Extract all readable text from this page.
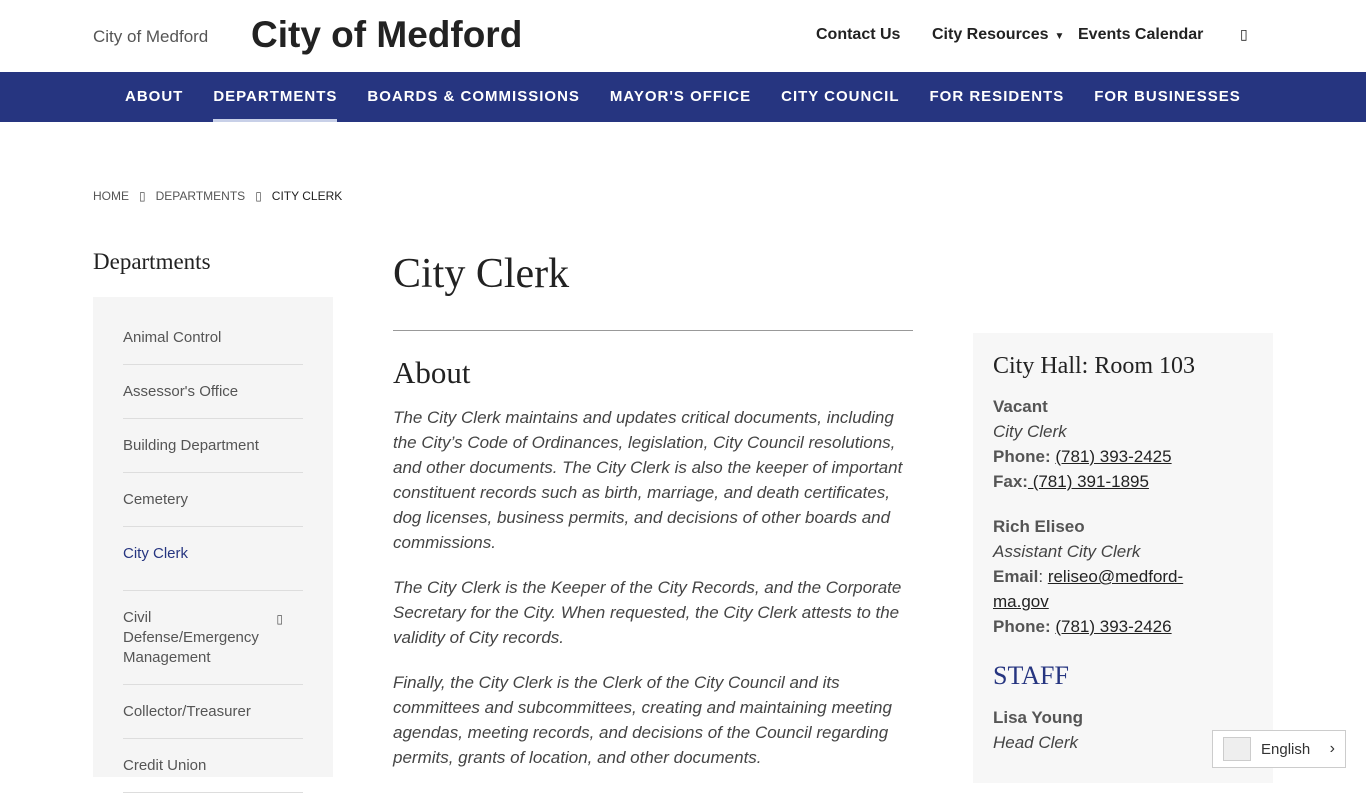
City of Medford City of Medford	Contact Us City Resources ▼ Events Calendar	▯
ABOUT	DEPARTMENTS	BOARDS & COMMISSIONS	MAYOR'S OFFICE	CITY COUNCIL	FOR RESIDENTS	FOR BUSINESSES
HOME ▯ DEPARTMENTS ▯ CITY CLERK
Departments
Animal Control
Assessor's Office
Building Department
Cemetery
City Clerk
Civil Defense/Emergency Management
▯
Collector/Treasurer
Credit Union
City Clerk
About

The City Clerk maintains and updates critical documents, including the City’s Code of Ordinances, legislation, City Council resolutions, and other documents. The City Clerk is also the keeper of important constituent records such as birth, marriage, and death certificates, dog licenses, business permits, and decisions of other boards and commissions.

The City Clerk is the Keeper of the City Records, and the Corporate Secretary for the City. When requested, the City Clerk attests to the validity of City records.

Finally, the City Clerk is the Clerk of the City Council and its committees and subcommittees, creating and maintaining meeting agendas, meeting records, and decisions of the Council regarding permits, grants of location, and other documents.

City Hall: Room 103
Vacant
City Clerk
Phone: (781) 393-2425
Fax: (781) 391-1895
Rich Eliseo
Assistant City Clerk
Email: reliseo@medford-ma.gov
Phone: (781) 393-2426
STAFF
Lisa Young
Head Clerk	English ›
